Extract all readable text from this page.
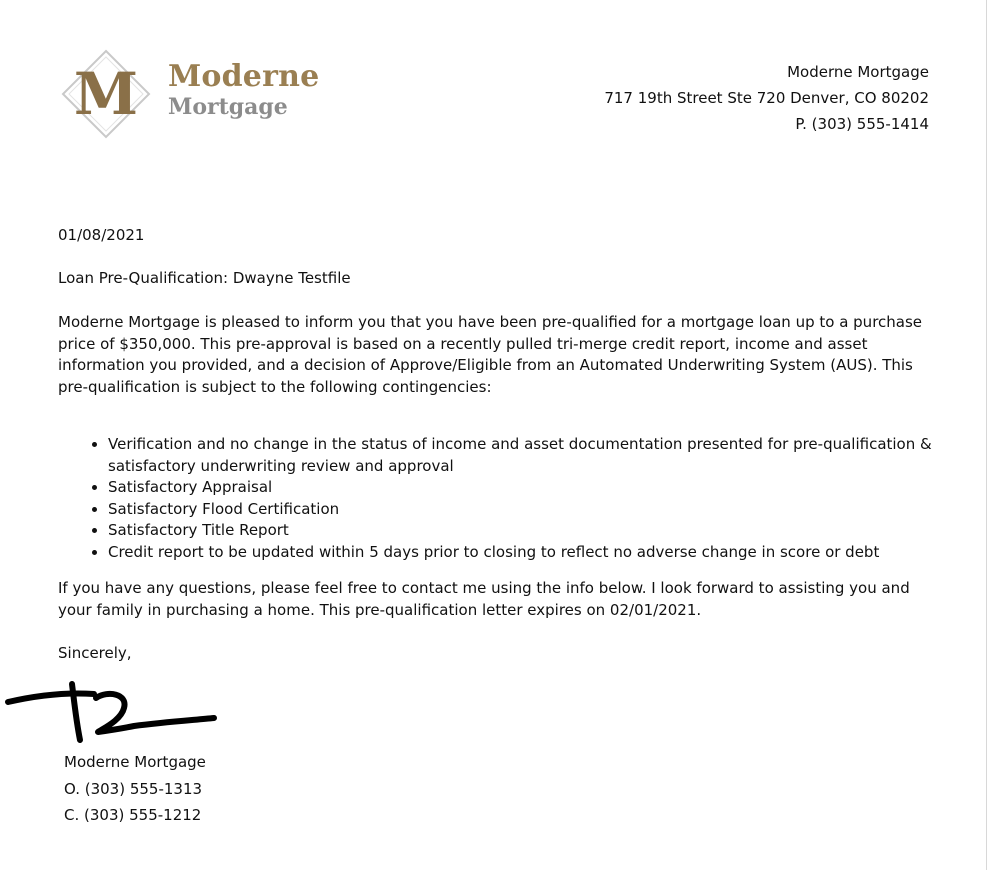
M Moderne
Mortgage
Moderne Mortgage
717 19th Street Ste 720 Denver, CO 80202
P. (303) 555-1414
01/08/2021
Loan Pre-Qualification: Dwayne Testfile
Moderne Mortgage is pleased to inform you that you have been pre-qualified for a mortgage loan up to a purchase price of $350,000. This pre-approval is based on a recently pulled tri-merge credit report, income and asset information you provided, and a decision of Approve/Eligible from an Automated Underwriting System (AUS). This pre-qualification is subject to the following contingencies:
• Verification and no change in the status of income and asset documentation presented for pre-qualification & satisfactory underwriting review and approval
• Satisfactory Appraisal
• Satisfactory Flood Certification
• Satisfactory Title Report
• Credit report to be updated within 5 days prior to closing to reflect no adverse change in score or debt
If you have any questions, please feel free to contact me using the info below. I look forward to assisting you and your family in purchasing a home. This pre-qualification letter expires on 02/01/2021.
Sincerely,
Moderne Mortgage
O. (303) 555-1313
C. (303) 555-1212
